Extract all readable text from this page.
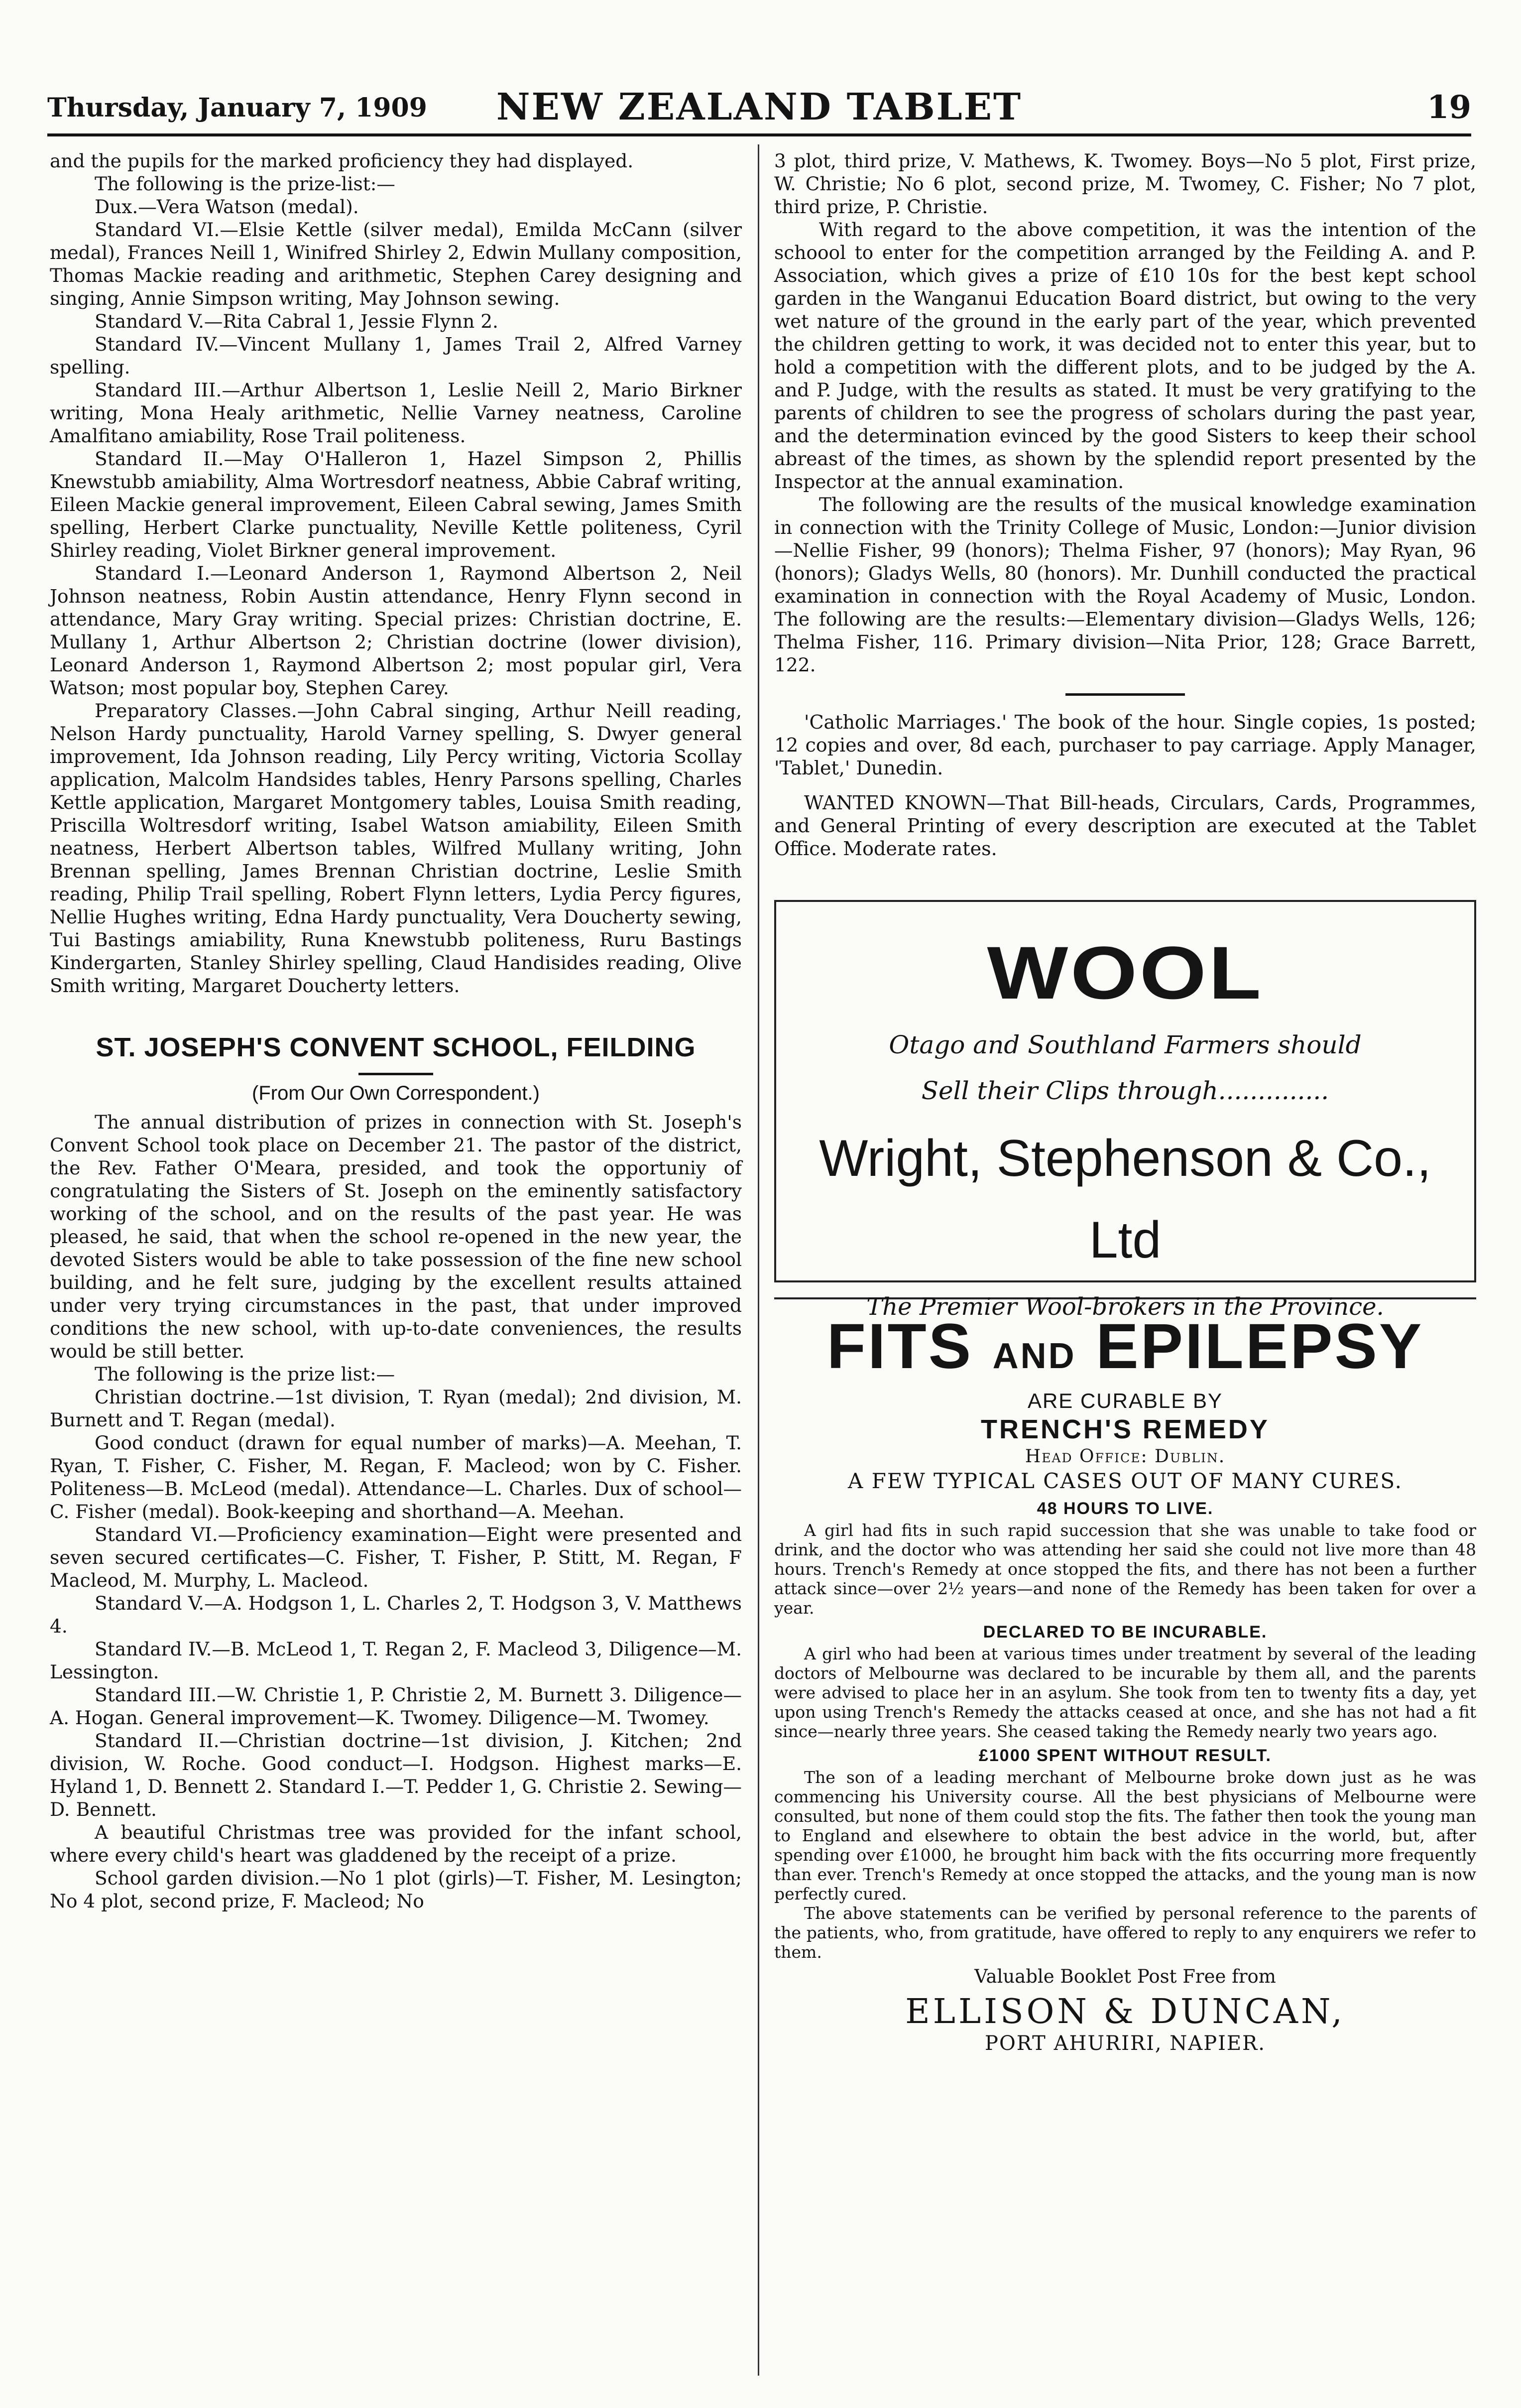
Thursday, January 7, 1909	NEW ZEALAND TABLET	19

and the pupils for the marked proficiency they had displayed.

The following is the prize-list:—

Dux.—Vera Watson (medal).

Standard VI.—Elsie Kettle (silver medal), Emilda McCann (silver medal), Frances Neill 1, Winifred Shirley 2, Edwin Mullany composition, Thomas Mackie reading and arithmetic, Stephen Carey designing and singing, Annie Simpson writing, May Johnson sewing.

Standard V.—Rita Cabral 1, Jessie Flynn 2.

Standard IV.—Vincent Mullany 1, James Trail 2, Alfred Varney spelling.

Standard III.—Arthur Albertson 1, Leslie Neill 2, Mario Birkner writing, Mona Healy arithmetic, Nellie Varney neatness, Caroline Amalfitano amiability, Rose Trail politeness.

Standard II.—May O'Halleron 1, Hazel Simpson 2, Phillis Knewstubb amiability, Alma Wortresdorf neatness, Abbie Cabraf writing, Eileen Mackie general improvement, Eileen Cabral sewing, James Smith spelling, Herbert Clarke punctuality, Neville Kettle politeness, Cyril Shirley reading, Violet Birkner general improvement.

Standard I.—Leonard Anderson 1, Raymond Albertson 2, Neil Johnson neatness, Robin Austin attendance, Henry Flynn second in attendance, Mary Gray writing. Special prizes: Christian doctrine, E. Mullany 1, Arthur Albertson 2; Christian doctrine (lower division), Leonard Anderson 1, Raymond Albertson 2; most popular girl, Vera Watson; most popular boy, Stephen Carey.

Preparatory Classes.—John Cabral singing, Arthur Neill reading, Nelson Hardy punctuality, Harold Varney spelling, S. Dwyer general improvement, Ida Johnson reading, Lily Percy writing, Victoria Scollay application, Malcolm Handsides tables, Henry Parsons spelling, Charles Kettle application, Margaret Montgomery tables, Louisa Smith reading, Priscilla Woltresdorf writing, Isabel Watson amiability, Eileen Smith neatness, Herbert Albertson tables, Wilfred Mullany writing, John Brennan spelling, James Brennan Christian doctrine, Leslie Smith reading, Philip Trail spelling, Robert Flynn letters, Lydia Percy figures, Nellie Hughes writing, Edna Hardy punctuality, Vera Doucherty sewing, Tui Bastings amiability, Runa Knewstubb politeness, Ruru Bastings Kindergarten, Stanley Shirley spelling, Claud Handisides reading, Olive Smith writing, Margaret Doucherty letters.

ST. JOSEPH'S CONVENT SCHOOL, FEILDING
(From Our Own Correspondent.)

The annual distribution of prizes in connection with St. Joseph's Convent School took place on December 21. The pastor of the district, the Rev. Father O'Meara, presided, and took the opportuniy of congratulating the Sisters of St. Joseph on the eminently satisfactory working of the school, and on the results of the past year. He was pleased, he said, that when the school re-opened in the new year, the devoted Sisters would be able to take possession of the fine new school building, and he felt sure, judging by the excellent results attained under very trying circumstances in the past, that under improved conditions the new school, with up-to-date conveniences, the results would be still better.

The following is the prize list:—

Christian doctrine.—1st division, T. Ryan (medal); 2nd division, M. Burnett and T. Regan (medal).

Good conduct (drawn for equal number of marks)—A. Meehan, T. Ryan, T. Fisher, C. Fisher, M. Regan, F. Macleod; won by C. Fisher. Politeness—B. McLeod (medal). Attendance—L. Charles. Dux of school—C. Fisher (medal). Book-keeping and shorthand—A. Meehan.

Standard VI.—Proficiency examination—Eight were presented and seven secured certificates—C. Fisher, T. Fisher, P. Stitt, M. Regan, F Macleod, M. Murphy, L. Macleod.

Standard V.—A. Hodgson 1, L. Charles 2, T. Hodgson 3, V. Matthews 4.

Standard IV.—B. McLeod 1, T. Regan 2, F. Macleod 3, Diligence—M. Lessington.

Standard III.—W. Christie 1, P. Christie 2, M. Burnett 3. Diligence—A. Hogan. General improvement—K. Twomey. Diligence—M. Twomey.

Standard II.—Christian doctrine—1st division, J. Kitchen; 2nd division, W. Roche. Good conduct—I. Hodgson. Highest marks—E. Hyland 1, D. Bennett 2. Standard I.—T. Pedder 1, G. Christie 2. Sewing—D. Bennett.

A beautiful Christmas tree was provided for the infant school, where every child's heart was gladdened by the receipt of a prize.

School garden division.—No 1 plot (girls)—T. Fisher, M. Lesington; No 4 plot, second prize, F. Macleod; No

3 plot, third prize, V. Mathews, K. Twomey. Boys—No 5 plot, First prize, W. Christie; No 6 plot, second prize, M. Twomey, C. Fisher; No 7 plot, third prize, P. Christie.

With regard to the above competition, it was the intention of the schoool to enter for the competition arranged by the Feilding A. and P. Association, which gives a prize of £10 10s for the best kept school garden in the Wanganui Education Board district, but owing to the very wet nature of the ground in the early part of the year, which prevented the children getting to work, it was decided not to enter this year, but to hold a competition with the different plots, and to be judged by the A. and P. Judge, with the results as stated. It must be very gratifying to the parents of children to see the progress of scholars during the past year, and the determination evinced by the good Sisters to keep their school abreast of the times, as shown by the splendid report presented by the Inspector at the annual examination.

The following are the results of the musical knowledge examination in connection with the Trinity College of Music, London:—Junior division—Nellie Fisher, 99 (honors); Thelma Fisher, 97 (honors); May Ryan, 96 (honors); Gladys Wells, 80 (honors). Mr. Dunhill conducted the practical examination in connection with the Royal Academy of Music, London. The following are the results:—Elementary division—Gladys Wells, 126; Thelma Fisher, 116. Primary division—Nita Prior, 128; Grace Barrett, 122.

'Catholic Marriages.' The book of the hour. Single copies, 1s posted; 12 copies and over, 8d each, purchaser to pay carriage. Apply Manager, 'Tablet,' Dunedin.

WANTED KNOWN—That Bill-heads, Circulars, Cards, Programmes, and General Printing of every description are executed at the Tablet Office. Moderate rates.

WOOL
Otago and Southland Farmers should
Sell their Clips through..............
Wright, Stephenson & Co.,
Ltd
The Premier Wool-brokers in the Province.
FITS AND EPILEPSY
ARE CURABLE BY
TRENCH'S REMEDY
Head Office: Dublin.
A FEW TYPICAL CASES OUT OF MANY CURES.
48 HOURS TO LIVE.

A girl had fits in such rapid succession that she was unable to take food or drink, and the doctor who was attending her said she could not live more than 48 hours. Trench's Remedy at once stopped the fits, and there has not been a further attack since—over 2½ years—and none of the Remedy has been taken for over a year.

DECLARED TO BE INCURABLE.

A girl who had been at various times under treatment by several of the leading doctors of Melbourne was declared to be incurable by them all, and the parents were advised to place her in an asylum. She took from ten to twenty fits a day, yet upon using Trench's Remedy the attacks ceased at once, and she has not had a fit since—nearly three years. She ceased taking the Remedy nearly two years ago.

£1000 SPENT WITHOUT RESULT.

The son of a leading merchant of Melbourne broke down just as he was commencing his University course. All the best physicians of Melbourne were consulted, but none of them could stop the fits. The father then took the young man to England and elsewhere to obtain the best advice in the world, but, after spending over £1000, he brought him back with the fits occurring more frequently than ever. Trench's Remedy at once stopped the attacks, and the young man is now perfectly cured.

The above statements can be verified by personal reference to the parents of the patients, who, from gratitude, have offered to reply to any enquirers we refer to them.

Valuable Booklet Post Free from
ELLISON & DUNCAN,
PORT AHURIRI, NAPIER.
